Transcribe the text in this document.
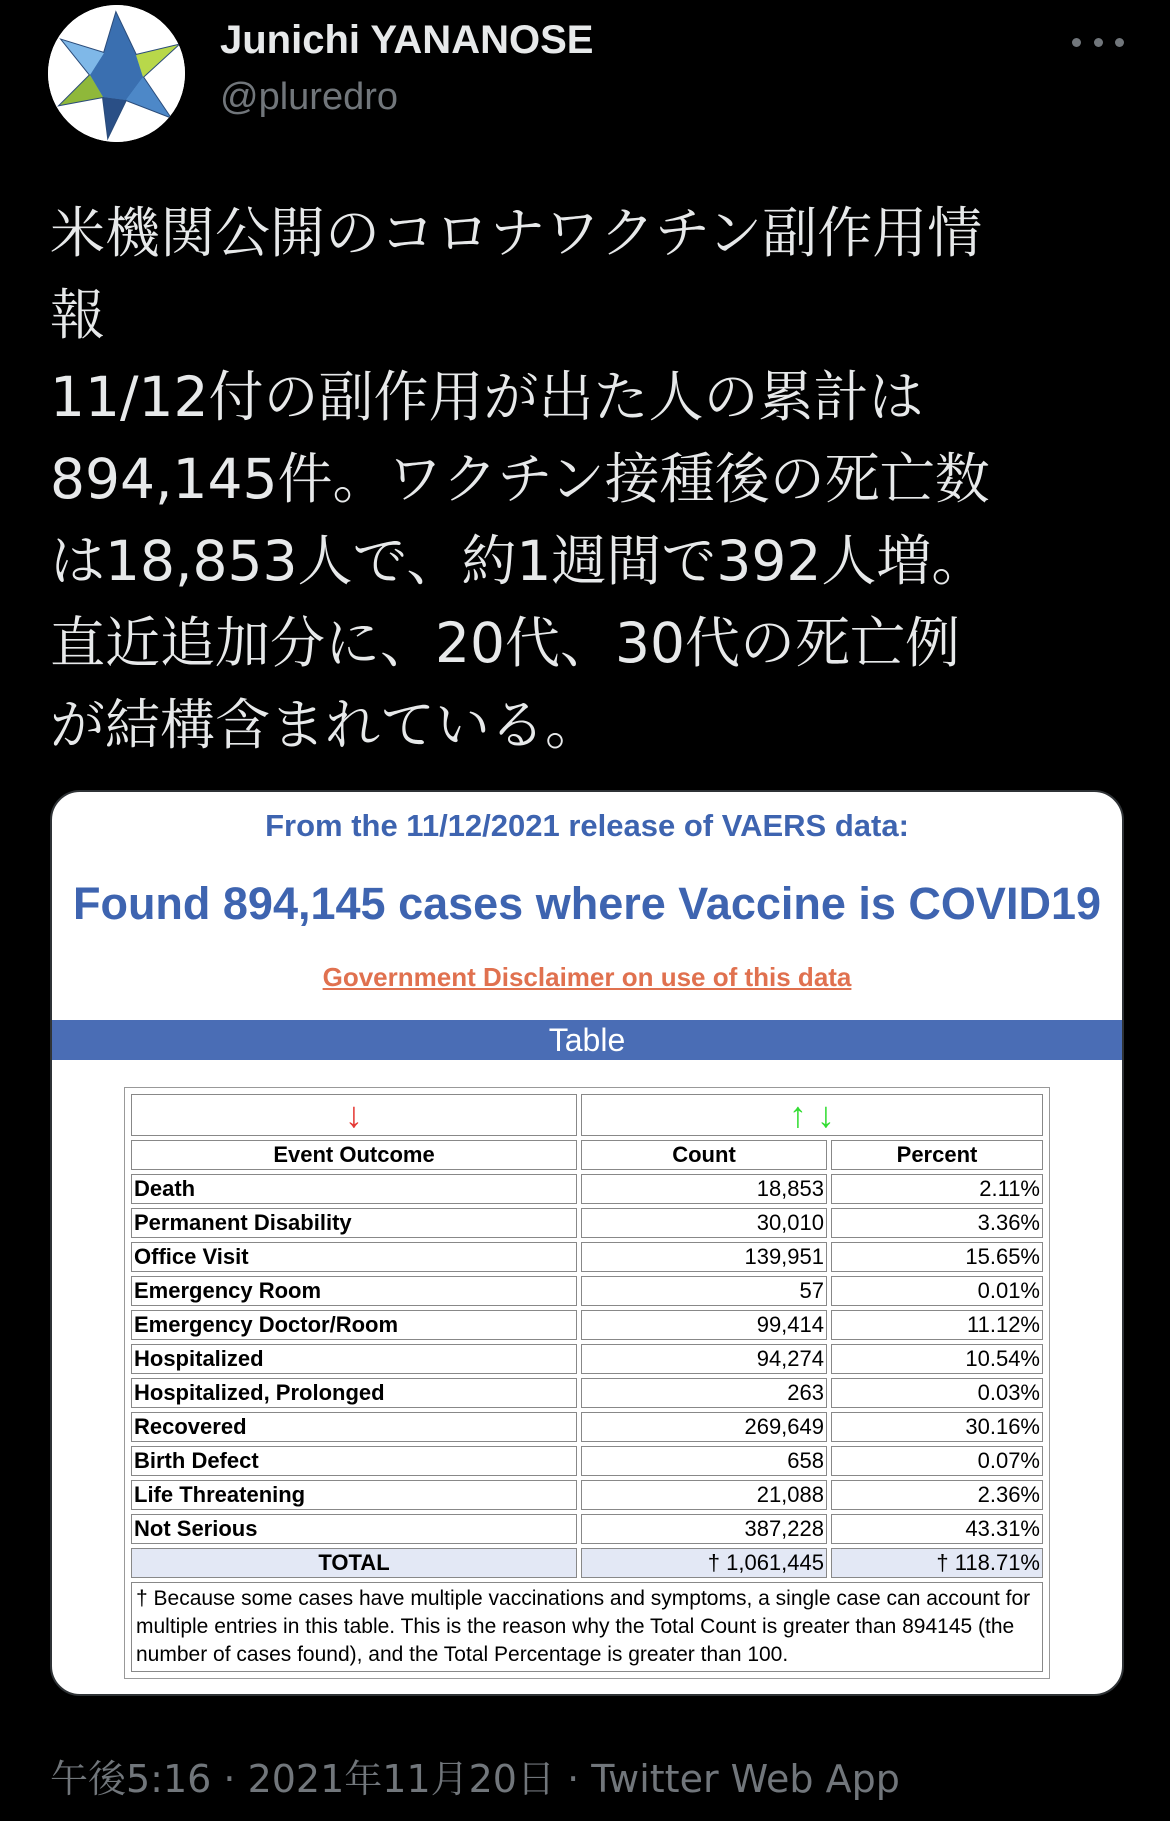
Junichi YANANOSE
@pluredro
米機関公開のコロナワクチン副作用情
報
11/12付の副作用が出た人の累計は
894,145件。ワクチン接種後の死亡数
は18,853人で、約1週間で392人増。
直近追加分に、20代、30代の死亡例
が結構含まれている。
From the 11/12/2021 release of VAERS data:
Found 894,145 cases where Vaccine is COVID19
Government Disclaimer on use of this data
Table
↓	↑ ↓	
Event Outcome	Count	Percent
Death	18,853	2.11%
Permanent Disability	30,010	3.36%
Office Visit	139,951	15.65%
Emergency Room	57	0.01%
Emergency Doctor/Room	99,414	11.12%
Hospitalized	94,274	10.54%
Hospitalized, Prolonged	263	0.03%
Recovered	269,649	30.16%
Birth Defect	658	0.07%
Life Threatening	21,088	2.36%
Not Serious	387,228	43.31%
TOTAL	† 1,061,445	† 118.71%
† Because some cases have multiple vaccinations and symptoms, a single case can account for multiple entries in this table. This is the reason why the Total Count is greater than 894145 (the number of cases found), and the Total Percentage is greater than 100.		
午後5:16 · 2021年11月20日 · Twitter Web App
